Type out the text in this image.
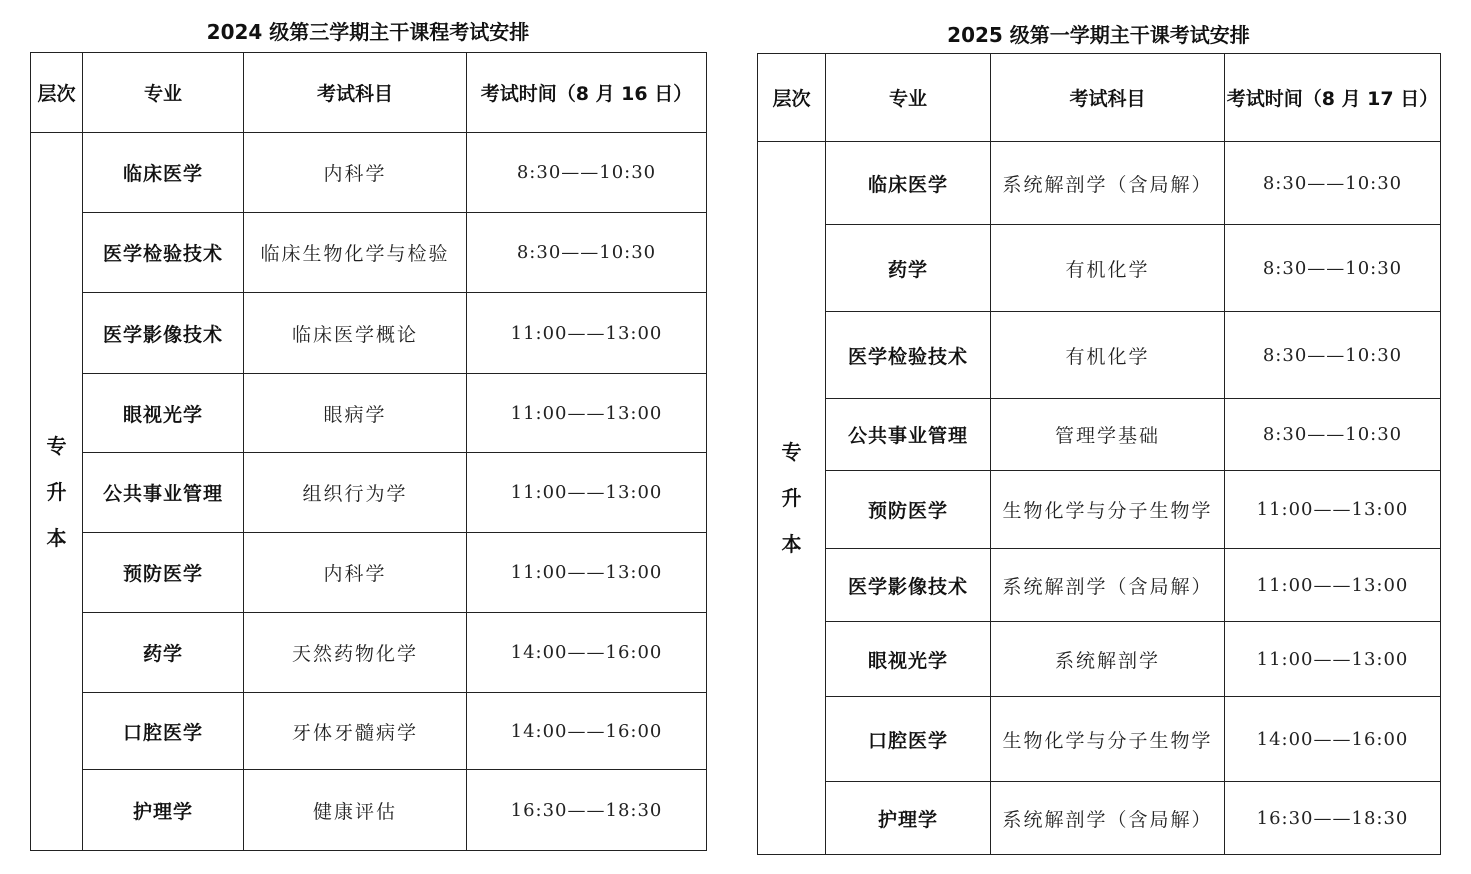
2024 级第三学期主干课程考试安排
层次	专业	考试科目	考试时间（8 月 16 日）
专升本	临床医学	内科学	8:30——10:30
	医学检验技术	临床生物化学与检验	8:30——10:30
	医学影像技术	临床医学概论	11:00——13:00
	眼视光学	眼病学	11:00——13:00
	公共事业管理	组织行为学	11:00——13:00
	预防医学	内科学	11:00——13:00
	药学	天然药物化学	14:00——16:00
	口腔医学	牙体牙髓病学	14:00——16:00
	护理学	健康评估	16:30——18:30
2025 级第一学期主干课考试安排
层次	专业	考试科目	考试时间（8 月 17 日）
专升本	临床医学	系统解剖学（含局解）	8:30——10:30
	药学	有机化学	8:30——10:30
	医学检验技术	有机化学	8:30——10:30
	公共事业管理	管理学基础	8:30——10:30
	预防医学	生物化学与分子生物学	11:00——13:00
	医学影像技术	系统解剖学（含局解）	11:00——13:00
	眼视光学	系统解剖学	11:00——13:00
	口腔医学	生物化学与分子生物学	14:00——16:00
	护理学	系统解剖学（含局解）	16:30——18:30
